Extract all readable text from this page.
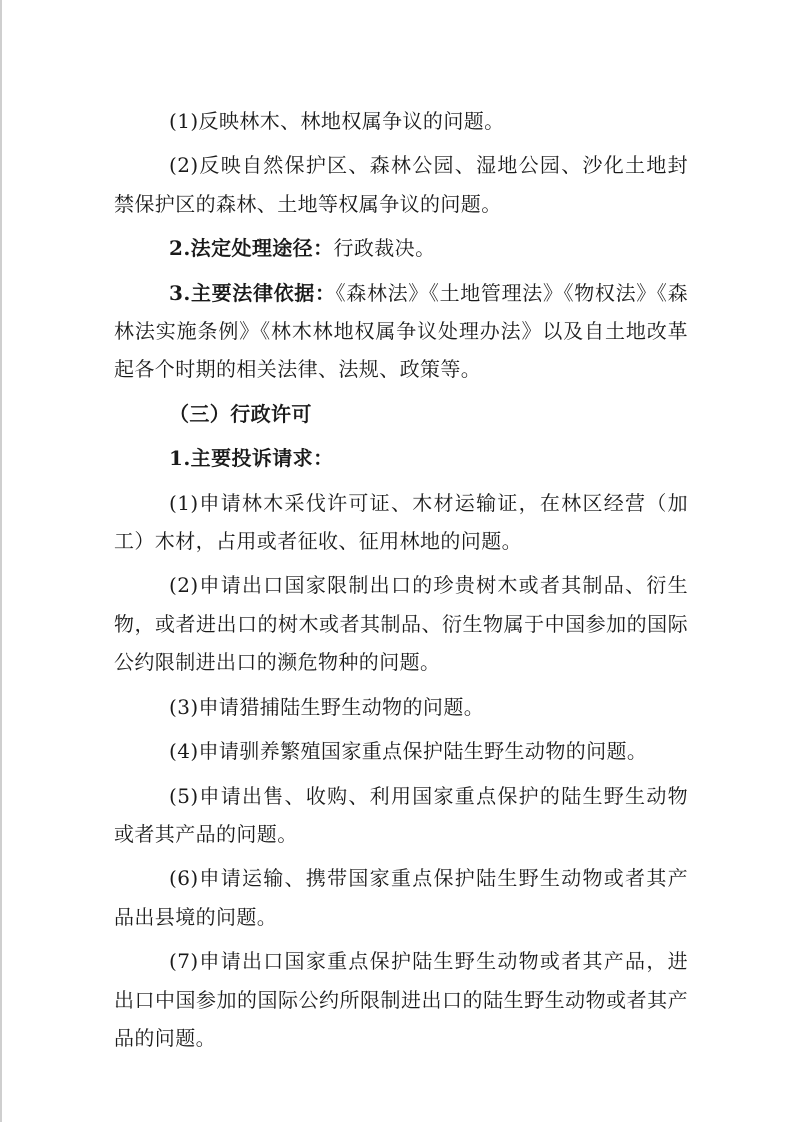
(1)反映林木、林地权属争议的问题。

(2)反映自然保护区、森林公园、湿地公园、沙化土地封禁保护区的森林、土地等权属争议的问题。

2.法定处理途径：行政裁决。

3.主要法律依据：《森林法》《土地管理法》《物权法》《森林法实施条例》《林木林地权属争议处理办法》以及自土地改革起各个时期的相关法律、法规、政策等。

（三）行政许可

1.主要投诉请求：

(1)申请林木采伐许可证、木材运输证，在林区经营（加工）木材，占用或者征收、征用林地的问题。

(2)申请出口国家限制出口的珍贵树木或者其制品、衍生物，或者进出口的树木或者其制品、衍生物属于中国参加的国际公约限制进出口的濒危物种的问题。

(3)申请猎捕陆生野生动物的问题。

(4)申请驯养繁殖国家重点保护陆生野生动物的问题。

(5)申请出售、收购、利用国家重点保护的陆生野生动物或者其产品的问题。

(6)申请运输、携带国家重点保护陆生野生动物或者其产品出县境的问题。

(7)申请出口国家重点保护陆生野生动物或者其产品，进出口中国参加的国际公约所限制进出口的陆生野生动物或者其产品的问题。
